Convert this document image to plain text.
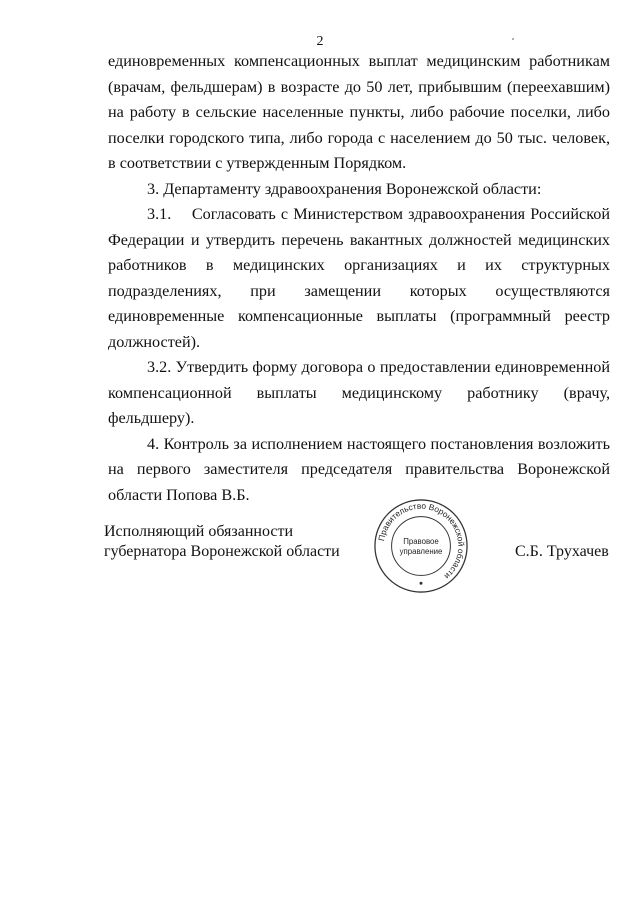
2

единовременных компенсационных выплат медицинским работникам (врачам, фельдшерам) в возрасте до 50 лет, прибывшим (переехавшим) на работу в сельские населенные пункты, либо рабочие поселки, либо поселки городского типа, либо города с населением до 50 тыс. человек, в соответствии с утвержденным Порядком.

3. Департаменту здравоохранения Воронежской области:

3.1.    Согласовать с Министерством здравоохранения Российской Федерации и утвердить перечень вакантных должностей медицинских работников в медицинских организациях и их структурных подразделениях, при замещении которых осуществляются единовременные компенсационные выплаты (программный реестр должностей).

3.2. Утвердить форму договора о предоставлении единовременной компенсационной выплаты медицинскому работнику (врачу, фельдшеру).

4. Контроль за исполнением настоящего постановления возложить на первого заместителя председателя правительства Воронежской области Попова В.Б.

Исполняющий обязанности
губернатора Воронежской области
Правительство Воронежской области
Правовое
управление	С.Б. Трухачев
